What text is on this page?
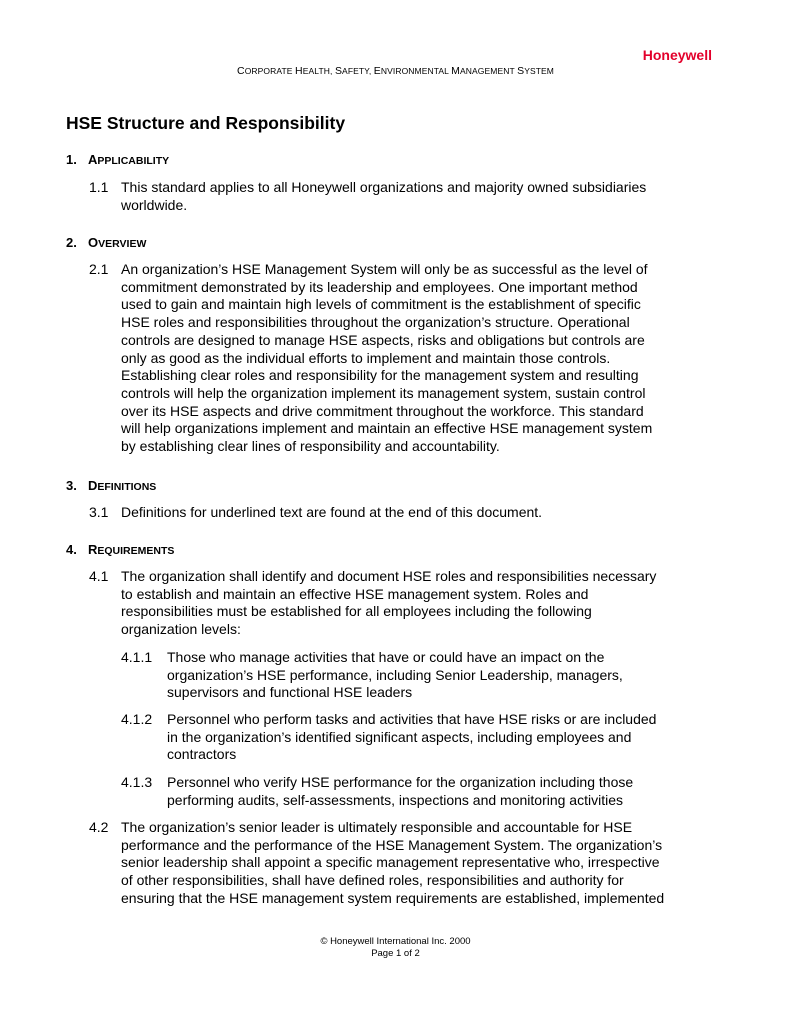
Honeywell
CORPORATE HEALTH, SAFETY, ENVIRONMENTAL MANAGEMENT SYSTEM
HSE Structure and Responsibility
1. APPLICABILITY
1.1 This standard applies to all Honeywell organizations and majority owned subsidiaries
worldwide.
2. OVERVIEW
2.1 An organization’s HSE Management System will only be as successful as the level of
commitment demonstrated by its leadership and employees. One important method
used to gain and maintain high levels of commitment is the establishment of specific
HSE roles and responsibilities throughout the organization’s structure. Operational
controls are designed to manage HSE aspects, risks and obligations but controls are
only as good as the individual efforts to implement and maintain those controls.
Establishing clear roles and responsibility for the management system and resulting
controls will help the organization implement its management system, sustain control
over its HSE aspects and drive commitment throughout the workforce. This standard
will help organizations implement and maintain an effective HSE management system
by establishing clear lines of responsibility and accountability.
3. DEFINITIONS
3.1 Definitions for underlined text are found at the end of this document.
4. REQUIREMENTS
4.1 The organization shall identify and document HSE roles and responsibilities necessary
to establish and maintain an effective HSE management system. Roles and
responsibilities must be established for all employees including the following
organization levels:
4.1.1	Those who manage activities that have or could have an impact on the
organization’s HSE performance, including Senior Leadership, managers,
supervisors and functional HSE leaders
4.1.2	Personnel who perform tasks and activities that have HSE risks or are included
in the organization’s identified significant aspects, including employees and
contractors
4.1.3	Personnel who verify HSE performance for the organization including those
performing audits, self-assessments, inspections and monitoring activities
4.2 The organization’s senior leader is ultimately responsible and accountable for HSE
performance and the performance of the HSE Management System. The organization’s
senior leadership shall appoint a specific management representative who, irrespective
of other responsibilities, shall have defined roles, responsibilities and authority for
ensuring that the HSE management system requirements are established, implemented
© Honeywell International Inc. 2000
Page 1 of 2
